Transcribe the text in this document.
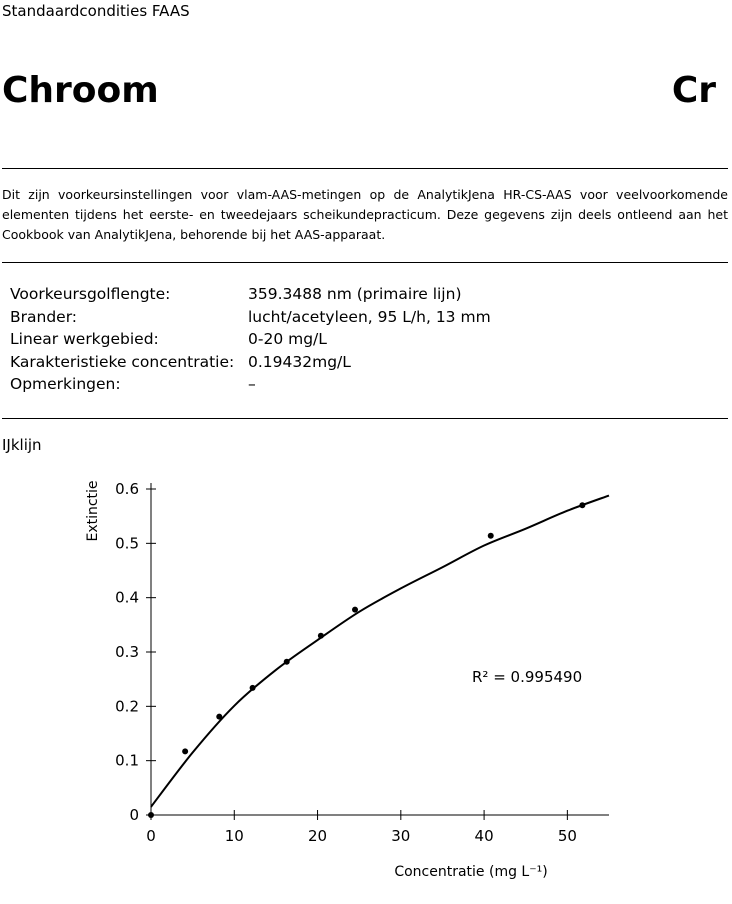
Standaardcondities FAAS
Chroom	Cr
Dit zijn voorkeursinstellingen voor vlam-AAS-metingen op de AnalytikJena HR-CS-AAS voor veelvoorkomende elementen tijdens het eerste- en tweedejaars scheikundepracticum. Deze gegevens zijn deels ontleend aan het Cookbook van AnalytikJena, behorende bij het AAS-apparaat.
Voorkeursgolflengte:	359.3488 nm (primaire lijn)
Brander:	lucht/acetyleen, 95 L/h, 13 mm
Linear werkgebied:	0-20 mg/L
Karakteristieke concentratie: 0.19432mg/L
Opmerkingen:	–
IJklijn
0	10	20	30	40	50
0
0.1
0.2
0.3
0.4
0.5
0.6
Extinctie
Concentratie (mg L⁻¹)
R² = 0.995490
